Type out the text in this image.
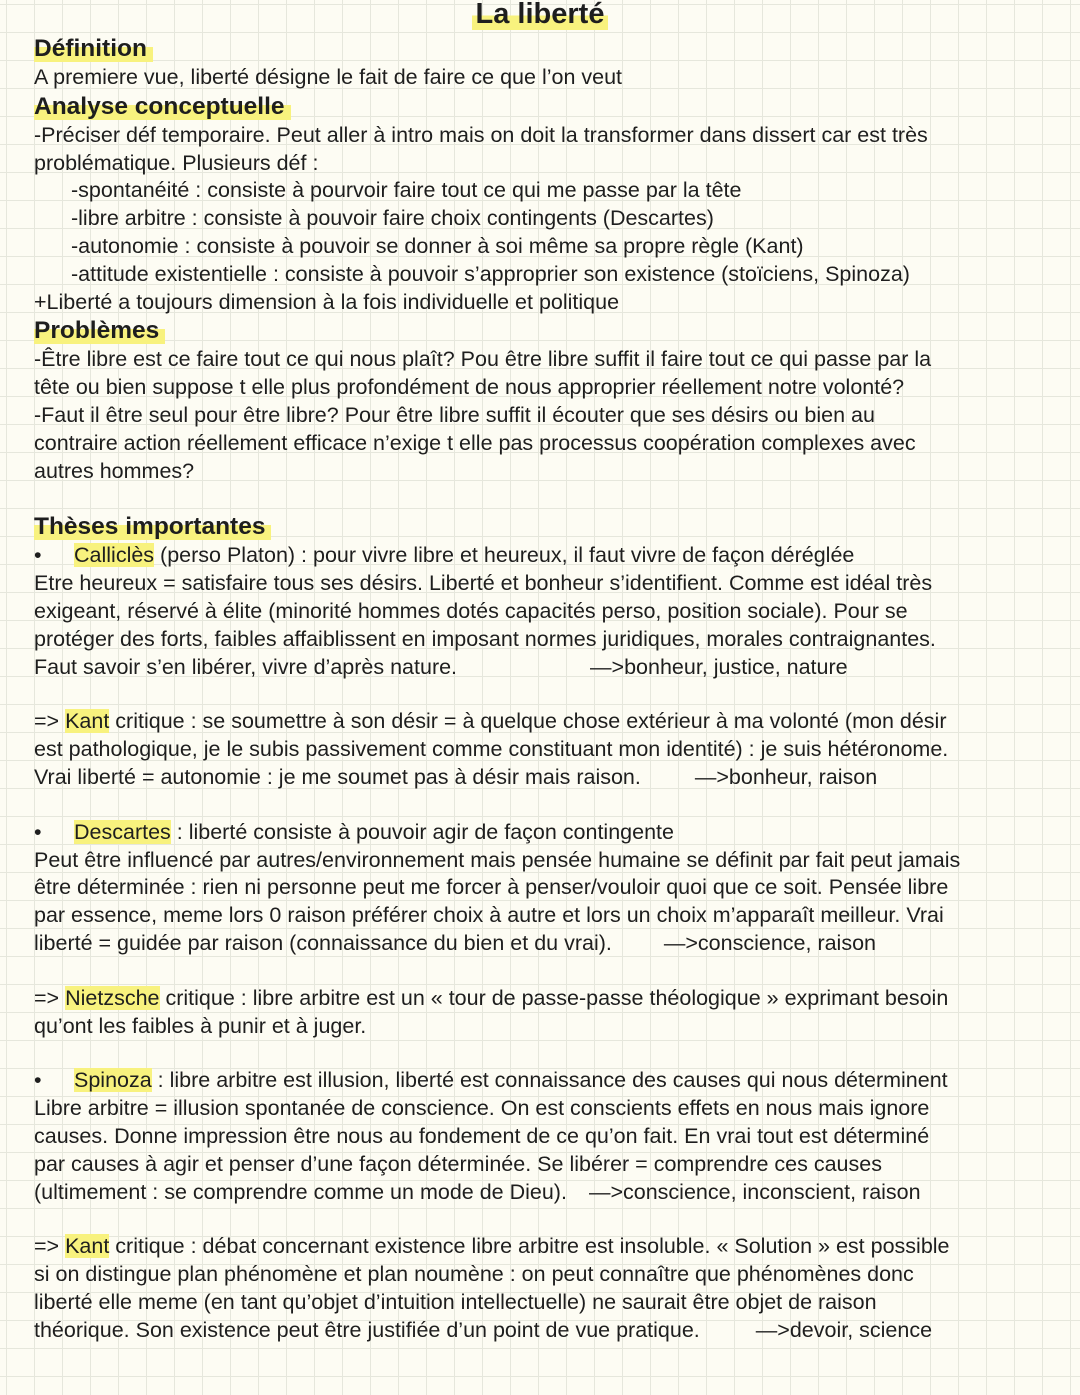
La liberté

Définition

A premiere vue, liberté désigne le fait de faire ce que l’on veut

Analyse conceptuelle

-Préciser déf temporaire. Peut aller à intro mais on doit la transformer dans dissert car est très

problématique. Plusieurs déf :

-spontanéité : consiste à pourvoir faire tout ce qui me passe par la tête

-libre arbitre : consiste à pouvoir faire choix contingents (Descartes)

-autonomie : consiste à pouvoir se donner à soi même sa propre règle (Kant)

-attitude existentielle : consiste à pouvoir s’approprier son existence (stoïciens, Spinoza)

+Liberté a toujours dimension à la fois individuelle et politique

Problèmes

-Être libre est ce faire tout ce qui nous plaît? Pou être libre suffit il faire tout ce qui passe par la

tête ou bien suppose t elle plus profondément de nous approprier réellement notre volonté?

-Faut il être seul pour être libre? Pour être libre suffit il écouter que ses désirs ou bien au

contraire action réellement efficace n’exige t elle pas processus coopération complexes avec

autres hommes?

Thèses importantes

• Calliclès (perso Platon) : pour vivre libre et heureux, il faut vivre de façon déréglée

Etre heureux = satisfaire tous ses désirs. Liberté et bonheur s’identifient. Comme est idéal très

exigeant, réservé à élite (minorité hommes dotés capacités perso, position sociale). Pour se

protéger des forts, faibles affaiblissent en imposant normes juridiques, morales contraignantes.

Faut savoir s’en libérer, vivre d’après nature.	—>bonheur, justice, nature

=> Kant critique : se soumettre à son désir = à quelque chose extérieur à ma volonté (mon désir

est pathologique, je le subis passivement comme constituant mon identité) : je suis hétéronome.

Vrai liberté = autonomie : je me soumet pas à désir mais raison.	—>bonheur, raison

• Descartes : liberté consiste à pouvoir agir de façon contingente

Peut être influencé par autres/environnement mais pensée humaine se définit par fait peut jamais

être déterminée : rien ni personne peut me forcer à penser/vouloir quoi que ce soit. Pensée libre

par essence, meme lors 0 raison préférer choix à autre et lors un choix m’apparaît meilleur. Vrai

liberté = guidée par raison (connaissance du bien et du vrai). —>conscience, raison

=> Nietzsche critique : libre arbitre est un « tour de passe-passe théologique » exprimant besoin

qu’ont les faibles à punir et à juger.

• Spinoza : libre arbitre est illusion, liberté est connaissance des causes qui nous déterminent

Libre arbitre = illusion spontanée de conscience. On est conscients effets en nous mais ignore

causes. Donne impression être nous au fondement de ce qu’on fait. En vrai tout est déterminé

par causes à agir et penser d’une façon déterminée. Se libérer = comprendre ces causes

(ultimement : se comprendre comme un mode de Dieu). —>conscience, inconscient, raison

=> Kant critique : débat concernant existence libre arbitre est insoluble. « Solution » est possible

si on distingue plan phénomène et plan noumène : on peut connaître que phénomènes donc

liberté elle meme (en tant qu’objet d’intuition intellectuelle) ne saurait être objet de raison

théorique. Son existence peut être justifiée d’un point de vue pratique.	—>devoir, science
